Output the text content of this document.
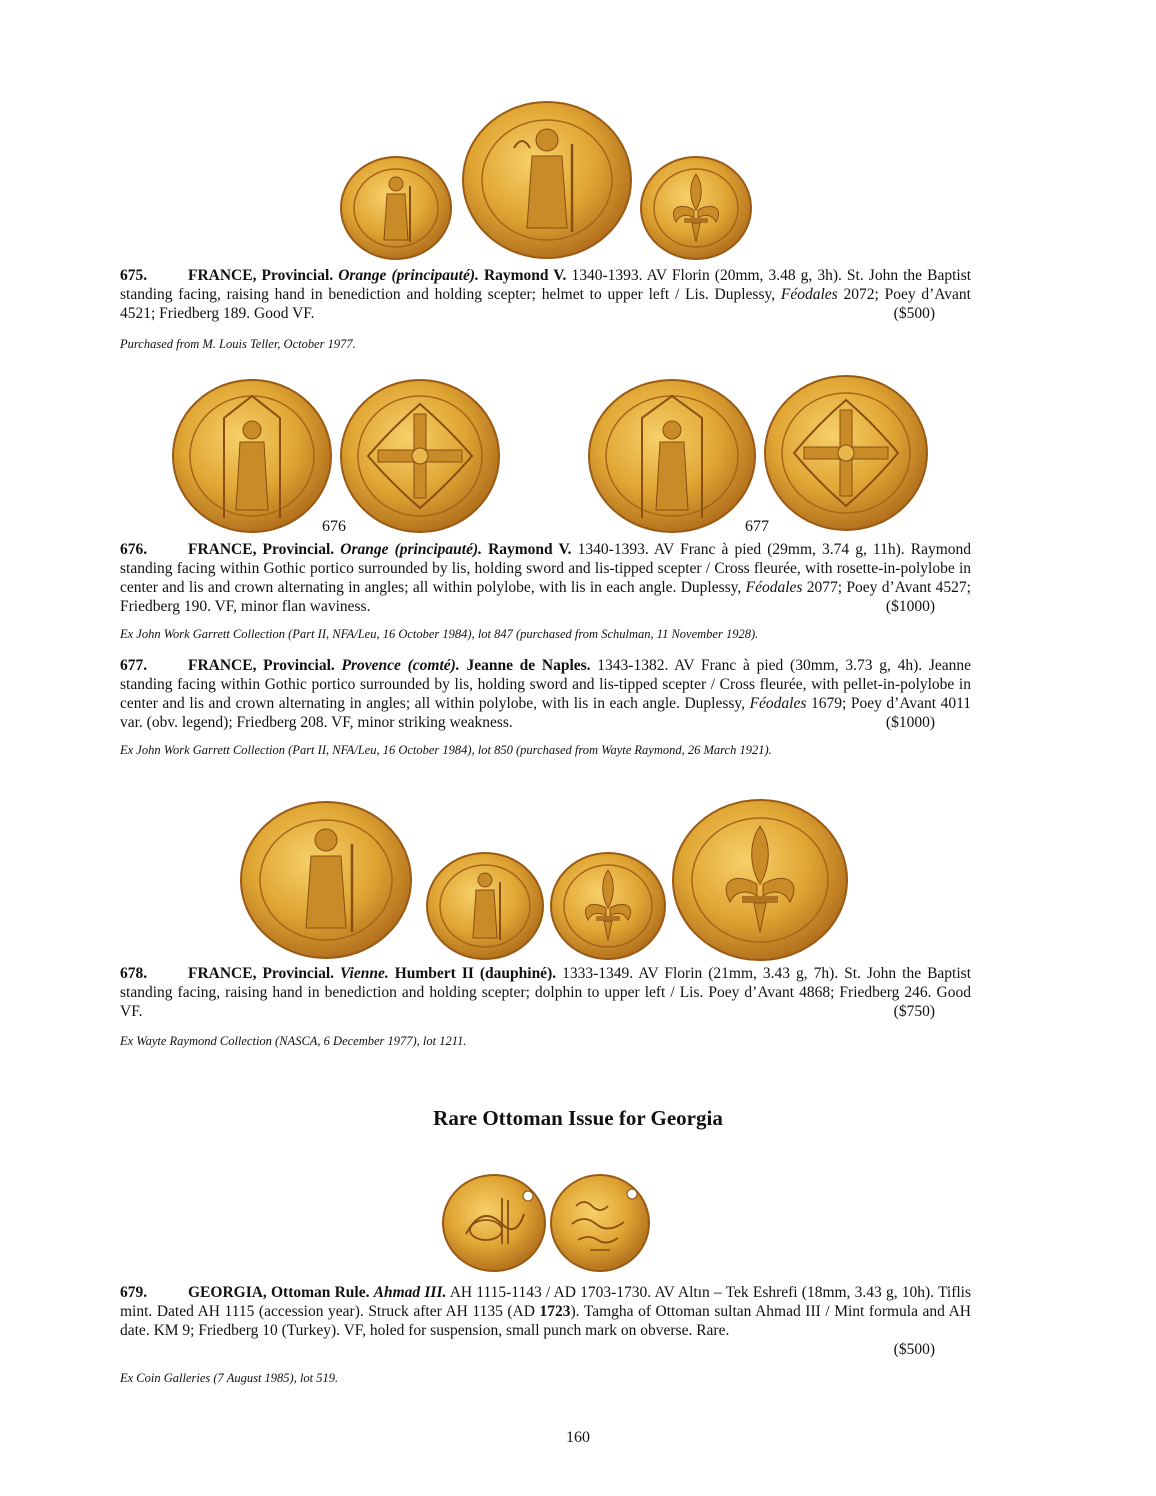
675.	FRANCE, Provincial. Orange (principauté). Raymond V. 1340-1393. AV Florin (20mm, 3.48 g, 3h). St. John the Baptist standing facing, raising hand in benediction and holding scepter; helmet to upper left / Lis. Duplessy, Féodales 2072; Poey d’Avant 4521; Friedberg 189. Good VF.	($500)
Purchased from M. Louis Teller, October 1977.
676	677
676.	FRANCE, Provincial. Orange (principauté). Raymond V. 1340-1393. AV Franc à pied (29mm, 3.74 g, 11h). Raymond standing facing within Gothic portico surrounded by lis, holding sword and lis-tipped scepter / Cross fleurée, with rosette-in-polylobe in center and lis and crown alternating in angles; all within polylobe, with lis in each angle. Duplessy, Féodales 2077; Poey d’Avant 4527; Friedberg 190. VF, minor flan waviness.	($1000)
Ex John Work Garrett Collection (Part II, NFA/Leu, 16 October 1984), lot 847 (purchased from Schulman, 11 November 1928).
677.	FRANCE, Provincial. Provence (comté). Jeanne de Naples. 1343-1382. AV Franc à pied (30mm, 3.73 g, 4h). Jeanne standing facing within Gothic portico surrounded by lis, holding sword and lis-tipped scepter / Cross fleurée, with pellet-in-polylobe in center and lis and crown alternating in angles; all within polylobe, with lis in each angle. Duplessy, Féodales 1679; Poey d’Avant 4011 var. (obv. legend); Friedberg 208. VF, minor striking weakness.	($1000)
Ex John Work Garrett Collection (Part II, NFA/Leu, 16 October 1984), lot 850 (purchased from Wayte Raymond, 26 March 1921).
678.	FRANCE, Provincial. Vienne. Humbert II (dauphiné). 1333-1349. AV Florin (21mm, 3.43 g, 7h). St. John the Baptist standing facing, raising hand in benediction and holding scepter; dolphin to upper left / Lis. Poey d’Avant 4868; Friedberg 246. Good VF.	($750)
Ex Wayte Raymond Collection (NASCA, 6 December 1977), lot 1211.
Rare Ottoman Issue for Georgia
679.	GEORGIA, Ottoman Rule. Ahmad III. AH 1115-1143 / AD 1703-1730. AV Altın – Tek Eshrefi (18mm, 3.43 g, 10h). Tiflis mint. Dated AH 1115 (accession year). Struck after AH 1135 (AD 1723). Tamgha of Ottoman sultan Ahmad III / Mint formula and AH date. KM 9; Friedberg 10 (Turkey). VF, holed for suspension, small punch mark on obverse. Rare.
($500)
Ex Coin Galleries (7 August 1985), lot 519.
160
